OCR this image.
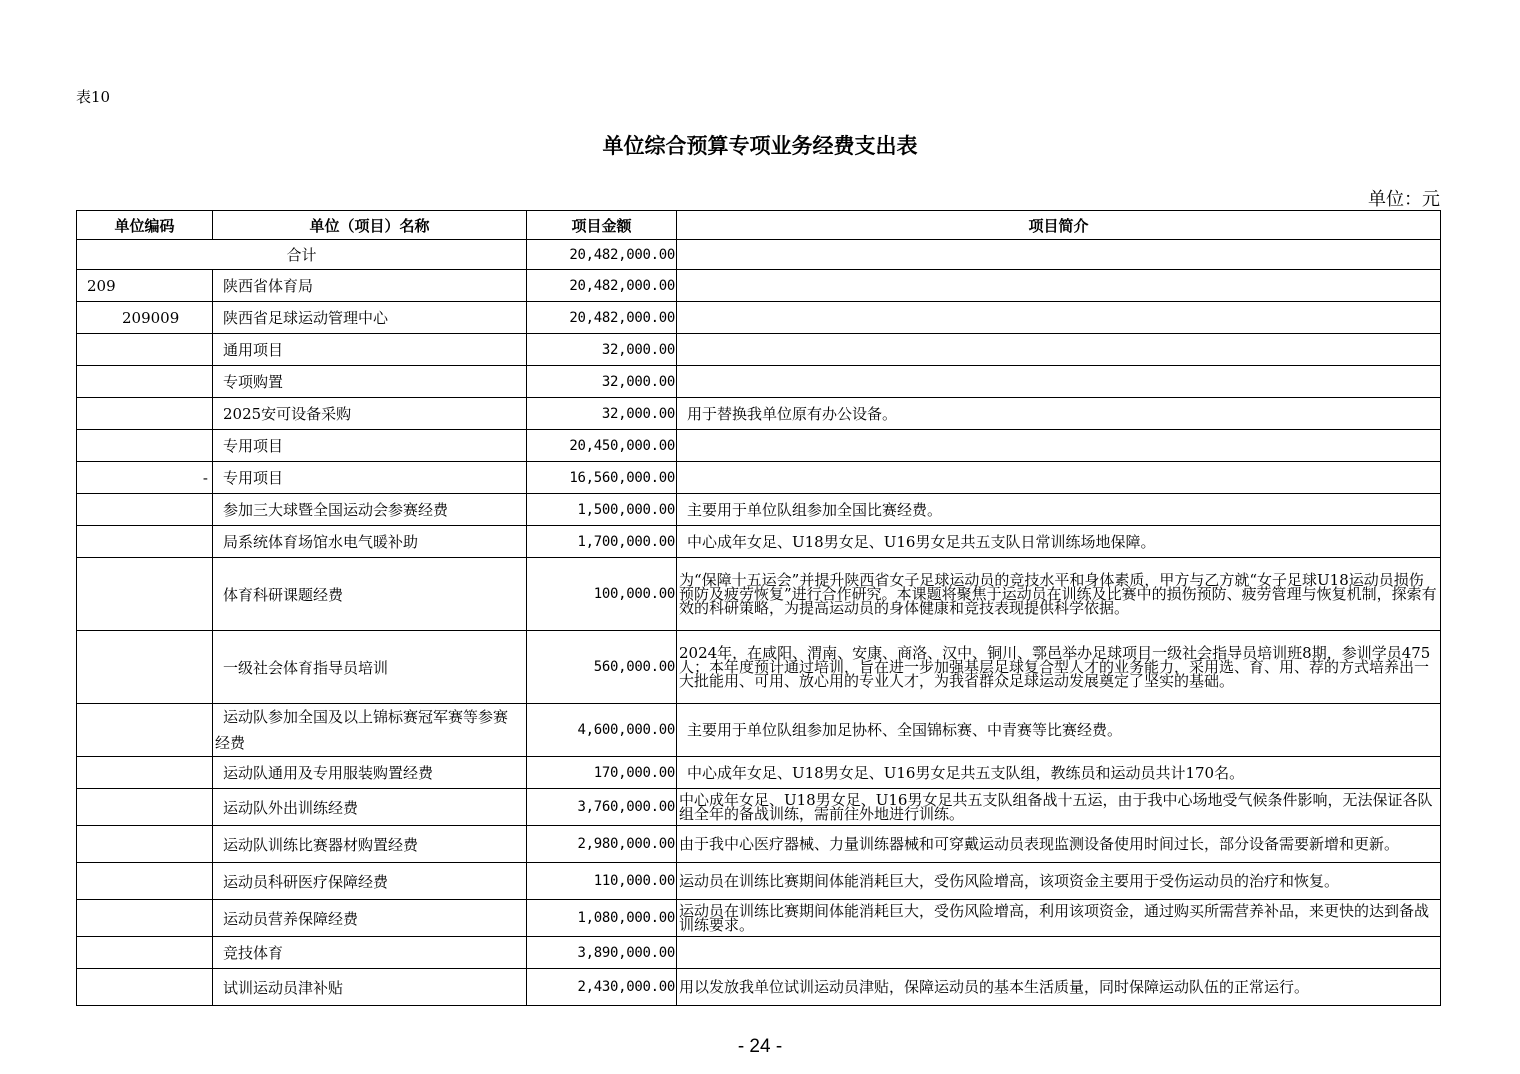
表10
单位综合预算专项业务经费支出表
单位：元
单位编码	单位（项目）名称	项目金额	项目简介
合计		20,482,000.00	
209	陕西省体育局	20,482,000.00	
209009	陕西省足球运动管理中心	20,482,000.00	
	通用项目	32,000.00	
	专项购置	32,000.00	
	2025安可设备采购	32,000.00	用于替换我单位原有办公设备。
	专用项目	20,450,000.00	
-	专用项目	16,560,000.00	
	参加三大球暨全国运动会参赛经费	1,500,000.00	主要用于单位队组参加全国比赛经费。
	局系统体育场馆水电气暖补助	1,700,000.00	中心成年女足、U18男女足、U16男女足共五支队日常训练场地保障。
	体育科研课题经费	100,000.00	为“保障十五运会”并提升陕西省女子足球运动员的竞技水平和身体素质，甲方与乙方就“女子足球U18运动员损伤预防及疲劳恢复”进行合作研究。本课题将聚焦于运动员在训练及比赛中的损伤预防、疲劳管理与恢复机制，探索有效的科研策略，为提高运动员的身体健康和竞技表现提供科学依据。
	一级社会体育指导员培训	560,000.00	2024年，在咸阳、渭南、安康、商洛、汉中、铜川、鄠邑举办足球项目一级社会指导员培训班8期，参训学员475人；本年度预计通过培训，旨在进一步加强基层足球复合型人才的业务能力，采用选、育、用、荐的方式培养出一大批能用、可用、放心用的专业人才，为我省群众足球运动发展奠定了坚实的基础。
	运动队参加全国及以上锦标赛冠军赛等参赛经费	4,600,000.00	主要用于单位队组参加足协杯、全国锦标赛、中青赛等比赛经费。
	运动队通用及专用服装购置经费	170,000.00	中心成年女足、U18男女足、U16男女足共五支队组，教练员和运动员共计170名。
	运动队外出训练经费	3,760,000.00	中心成年女足、U18男女足、U16男女足共五支队组备战十五运，由于我中心场地受气候条件影响，无法保证各队组全年的备战训练，需前往外地进行训练。
	运动队训练比赛器材购置经费	2,980,000.00	由于我中心医疗器械、力量训练器械和可穿戴运动员表现监测设备使用时间过长，部分设备需要新增和更新。
	运动员科研医疗保障经费	110,000.00	运动员在训练比赛期间体能消耗巨大，受伤风险增高，该项资金主要用于受伤运动员的治疗和恢复。
	运动员营养保障经费	1,080,000.00	运动员在训练比赛期间体能消耗巨大，受伤风险增高，利用该项资金，通过购买所需营养补品，来更快的达到备战训练要求。
	竞技体育	3,890,000.00	
	试训运动员津补贴	2,430,000.00	用以发放我单位试训运动员津贴，保障运动员的基本生活质量，同时保障运动队伍的正常运行。
- 24 -
